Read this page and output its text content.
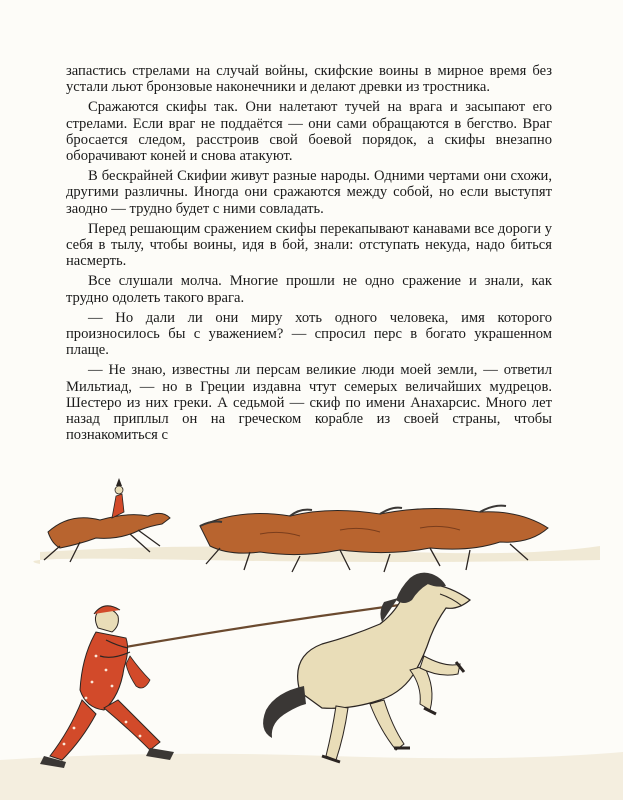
запастись стрелами на случай войны, скифские воины в мирное время без устали льют бронзовые наконечники и делают древки из тростника.

Сражаются скифы так. Они налетают тучей на врага и засыпают его стрелами. Если враг не поддаётся — они сами обращаются в бегство. Враг бросается следом, расстроив свой боевой порядок, а скифы внезапно оборачивают коней и снова атакуют.

В бескрайней Скифии живут разные народы. Одними чертами они схожи, другими различны. Иногда они сражаются между собой, но если выступят заодно — трудно будет с ними совладать.

Перед решающим сражением скифы перекапывают канавами все дороги у себя в тылу, чтобы воины, идя в бой, знали: отступать некуда, надо биться насмерть.

Все слушали молча. Многие прошли не одно сражение и знали, как трудно одолеть такого врага.

— Но дали ли они миру хоть одного человека, имя которого произносилось бы с уважением? — спросил перс в богато украшенном плаще.

— Не знаю, известны ли персам великие люди моей земли, — ответил Мильтиад, — но в Греции издавна чтут семерых величайших мудрецов. Шестеро из них греки. А седьмой — скиф по имени Анахарсис. Много лет назад приплыл он на греческом корабле из своей страны, чтобы познакомиться с
